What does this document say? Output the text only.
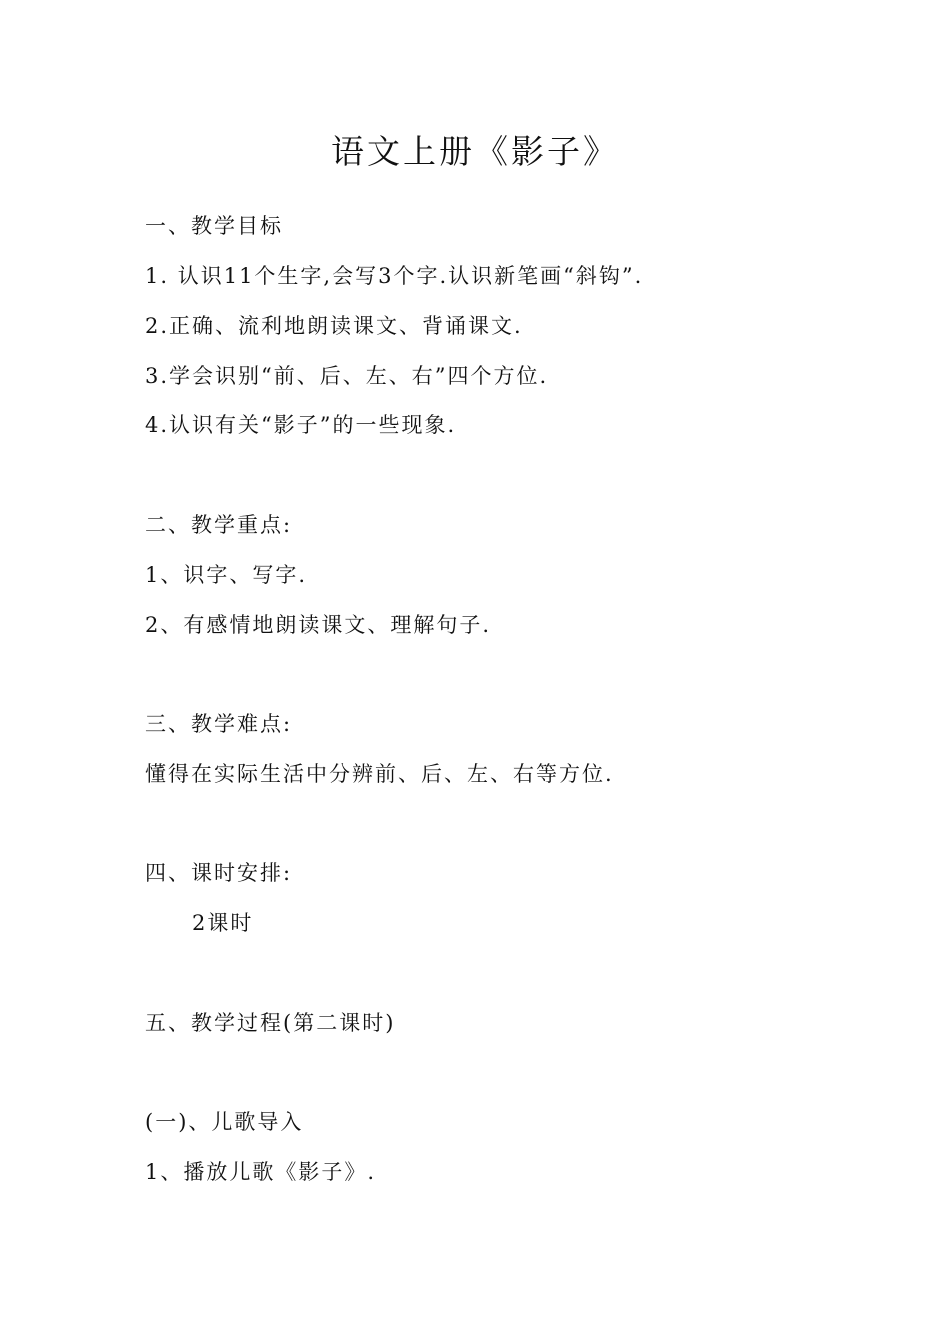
语文上册《影子》
一、教学目标
1. 认识11个生字,会写3个字.认识新笔画“斜钩”.
2.正确、流利地朗读课文、背诵课文.
3.学会识别“前、后、左、右”四个方位.
4.认识有关“影子”的一些现象.
二、教学重点:
1、识字、写字.
2、有感情地朗读课文、理解句子.
三、教学难点:
懂得在实际生活中分辨前、后、左、右等方位.
四、课时安排:
2课时
五、教学过程(第二课时)
(一)、儿歌导入
1、播放儿歌《影子》.
